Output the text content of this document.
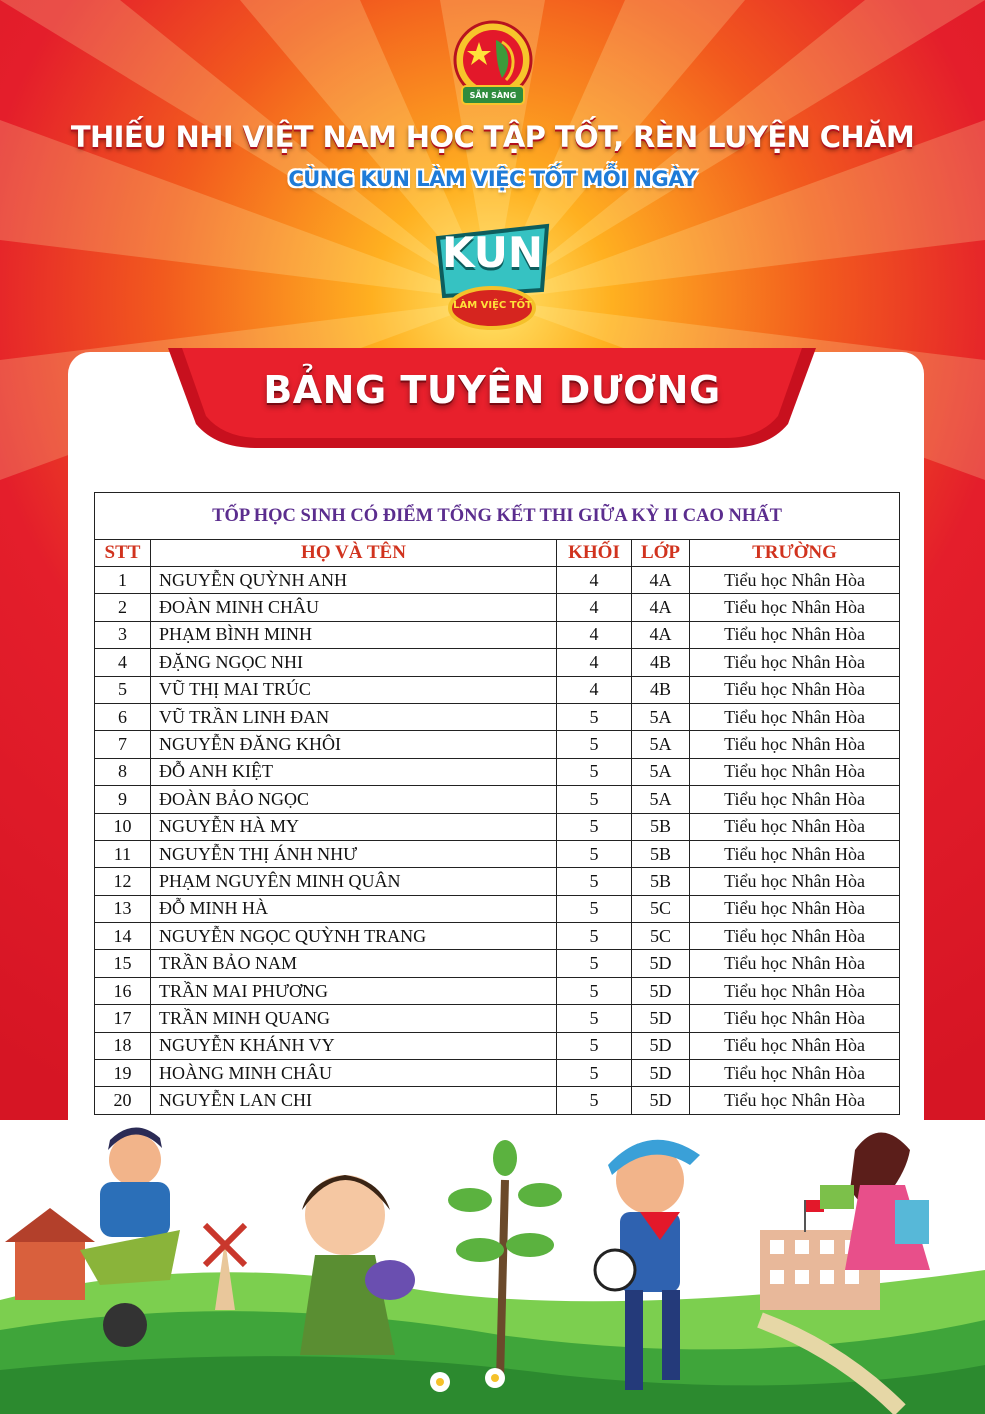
SẴN SÀNG
THIẾU NHI VIỆT NAM HỌC TẬP TỐT, RÈN LUYỆN CHĂM
CÙNG KUN LÀM VIỆC TỐT MỖI NGÀY
KUN
LÀM VIỆC TỐT
BẢNG TUYÊN DƯƠNG
TỐP HỌC SINH CÓ ĐIỂM TỔNG KẾT THI GIỮA KỲ II CAO NHẤT				
STT	HỌ VÀ TÊN	KHỐI	LỚP	TRƯỜNG
1	NGUYỄN QUỲNH ANH	4	4A	Tiểu học Nhân Hòa
2	ĐOÀN MINH CHÂU	4	4A	Tiểu học Nhân Hòa
3	PHẠM BÌNH MINH	4	4A	Tiểu học Nhân Hòa
4	ĐẶNG NGỌC NHI	4	4B	Tiểu học Nhân Hòa
5	VŨ THỊ MAI TRÚC	4	4B	Tiểu học Nhân Hòa
6	VŨ TRẦN LINH ĐAN	5	5A	Tiểu học Nhân Hòa
7	NGUYỄN ĐĂNG KHÔI	5	5A	Tiểu học Nhân Hòa
8	ĐỖ ANH KIỆT	5	5A	Tiểu học Nhân Hòa
9	ĐOÀN BẢO NGỌC	5	5A	Tiểu học Nhân Hòa
10	NGUYỄN HÀ MY	5	5B	Tiểu học Nhân Hòa
11	NGUYỄN THỊ ÁNH NHƯ	5	5B	Tiểu học Nhân Hòa
12	PHẠM NGUYÊN MINH QUÂN	5	5B	Tiểu học Nhân Hòa
13	ĐỖ MINH HÀ	5	5C	Tiểu học Nhân Hòa
14	NGUYỄN NGỌC QUỲNH TRANG	5	5C	Tiểu học Nhân Hòa
15	TRẦN BẢO NAM	5	5D	Tiểu học Nhân Hòa
16	TRẦN MAI PHƯƠNG	5	5D	Tiểu học Nhân Hòa
17	TRẦN MINH QUANG	5	5D	Tiểu học Nhân Hòa
18	NGUYỄN KHÁNH VY	5	5D	Tiểu học Nhân Hòa
19	HOÀNG MINH CHÂU	5	5D	Tiểu học Nhân Hòa
20	NGUYỄN LAN CHI	5	5D	Tiểu học Nhân Hòa
